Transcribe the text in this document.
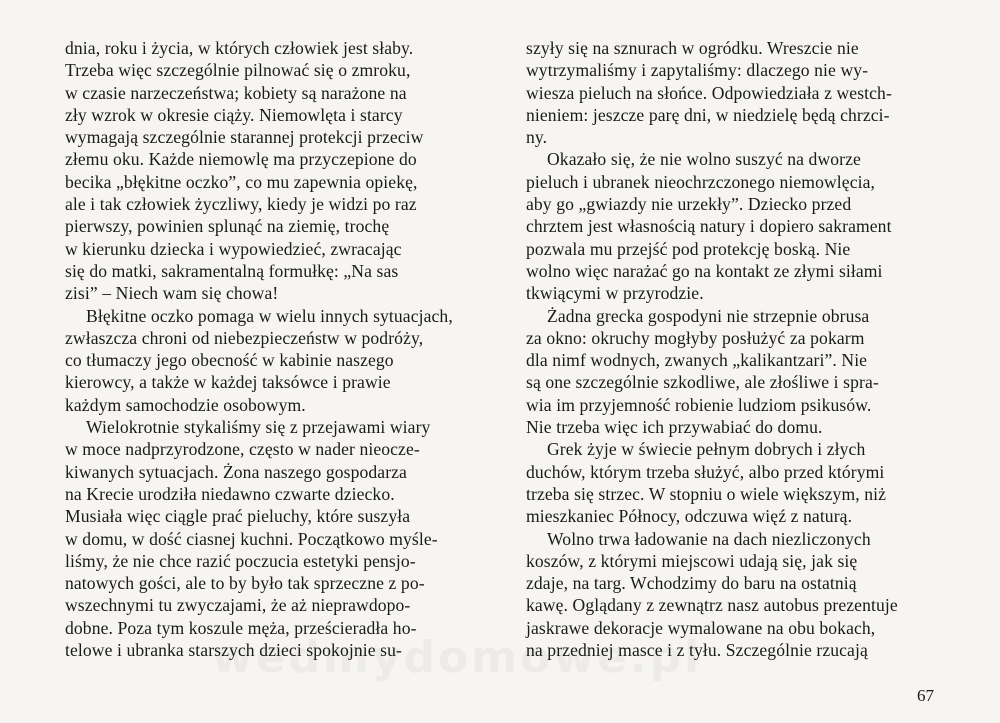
dnia, roku i życia, w których człowiek jest słaby.
Trzeba więc szczególnie pilnować się o zmroku,
w czasie narzeczeństwa; kobiety są narażone na
zły wzrok w okresie ciąży. Niemowlęta i starcy
wymagają szczególnie starannej protekcji przeciw
złemu oku. Każde niemowlę ma przyczepione do
becika „błękitne oczko”, co mu zapewnia opiekę,
ale i tak człowiek życzliwy, kiedy je widzi po raz
pierwszy, powinien splunąć na ziemię, trochę
w kierunku dziecka i wypowiedzieć, zwracając
się do matki, sakramentalną formułkę: „Na sas
zisi” – Niech wam się chowa!
Błękitne oczko pomaga w wielu innych sytuacjach,
zwłaszcza chroni od niebezpieczeństw w podróży,
co tłumaczy jego obecność w kabinie naszego
kierowcy, a także w każdej taksówce i prawie
każdym samochodzie osobowym.
Wielokrotnie stykaliśmy się z przejawami wiary
w moce nadprzyrodzone, często w nader nieocze-
kiwanych sytuacjach. Żona naszego gospodarza
na Krecie urodziła niedawno czwarte dziecko.
Musiała więc ciągle prać pieluchy, które suszyła
w domu, w dość ciasnej kuchni. Początkowo myśle-
liśmy, że nie chce razić poczucia estetyki pensjo-
natowych gości, ale to by było tak sprzeczne z po-
wszechnymi tu zwyczajami, że aż nieprawdopo-
dobne. Poza tym koszule męża, prześcieradła ho-
telowe i ubranka starszych dzieci spokojnie su-
szyły się na sznurach w ogródku. Wreszcie nie
wytrzymaliśmy i zapytaliśmy: dlaczego nie wy-
wiesza pieluch na słońce. Odpowiedziała z westch-
nieniem: jeszcze parę dni, w niedzielę będą chrzci-
ny.
Okazało się, że nie wolno suszyć na dworze
pieluch i ubranek nieochrzczonego niemowlęcia,
aby go „gwiazdy nie urzekły”. Dziecko przed
chrztem jest własnością natury i dopiero sakrament
pozwala mu przejść pod protekcję boską. Nie
wolno więc narażać go na kontakt ze złymi siłami
tkwiącymi w przyrodzie.
Żadna grecka gospodyni nie strzepnie obrusa
za okno: okruchy mogłyby posłużyć za pokarm
dla nimf wodnych, zwanych „kalikantzari”. Nie
są one szczególnie szkodliwe, ale złośliwe i spra-
wia im przyjemność robienie ludziom psikusów.
Nie trzeba więc ich przywabiać do domu.
Grek żyje w świecie pełnym dobrych i złych
duchów, którym trzeba służyć, albo przed którymi
trzeba się strzec. W stopniu o wiele większym, niż
mieszkaniec Północy, odczuwa więź z naturą.
Wolno trwa ładowanie na dach niezliczonych
koszów, z którymi miejscowi udają się, jak się
zdaje, na targ. Wchodzimy do baru na ostatnią
kawę. Oglądany z zewnątrz nasz autobus prezentuje
jaskrawe dekoracje wymalowane na obu bokach,
na przedniej masce i z tyłu. Szczególnie rzucają
67
